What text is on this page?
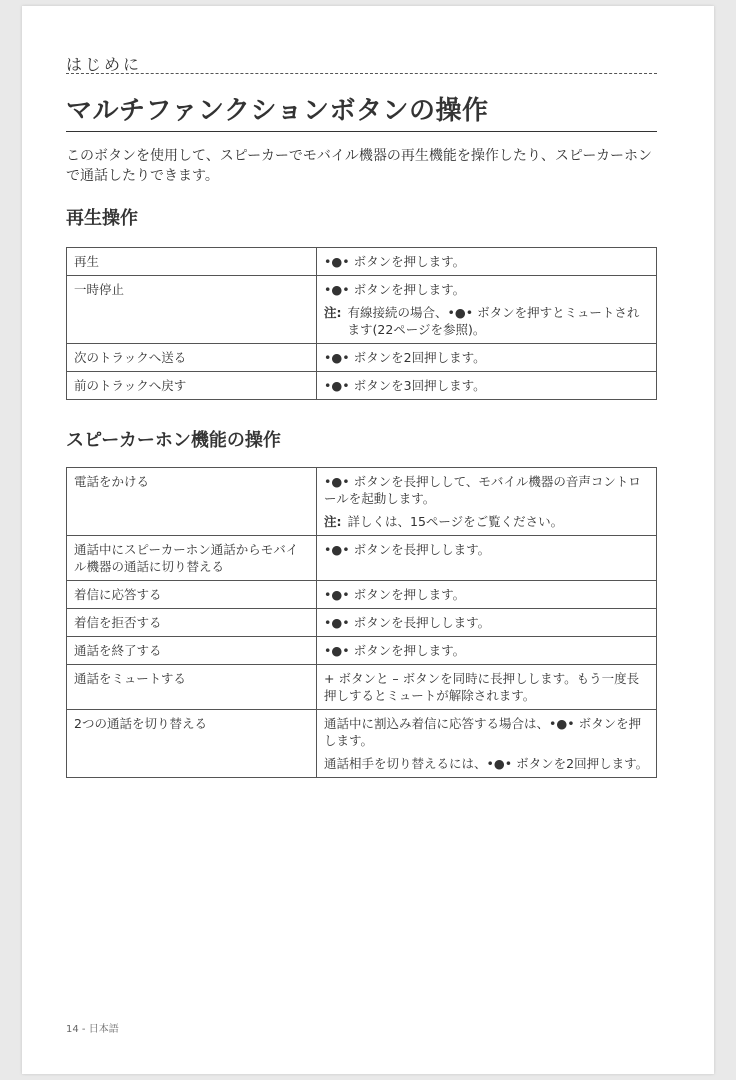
はじめに
マルチファンクションボタンの操作
このボタンを使用して、スピーカーでモバイル機器の再生機能を操作したり、スピーカーホンで通話したりできます。
再生操作
再生	•●• ボタンを押します。

一時停止	•●• ボタンを押します。

注: 有線接続の場合、•●• ボタンを押すとミュートされます(22ページを参照)。

次のトラックへ送る	•●• ボタンを2回押します。

前のトラックへ戻す	•●• ボタンを3回押します。

スピーカーホン機能の操作
電話をかける	•●• ボタンを長押しして、モバイル機器の音声コントロールを起動します。

注: 詳しくは、15ページをご覧ください。

通話中にスピーカーホン通話からモバイル機器の通話に切り替える	•●• ボタンを長押しします。

着信に応答する	•●• ボタンを押します。

着信を拒否する	•●• ボタンを長押しします。

通話を終了する	•●• ボタンを押します。

通話をミュートする	+ ボタンと – ボタンを同時に長押しします。もう一度長押しするとミュートが解除されます。

2つの通話を切り替える	通話中に割込み着信に応答する場合は、•●• ボタンを押します。

通話相手を切り替えるには、•●• ボタンを2回押します。

14 - 日本語
